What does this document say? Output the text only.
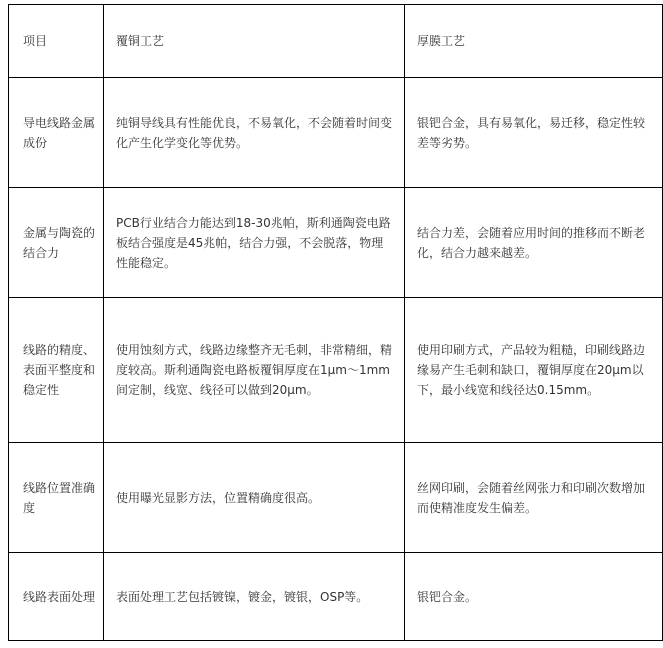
项目	覆铜工艺	厚膜工艺
导电线路金属成份	纯铜导线具有性能优良，不易氧化，不会随着时间变化产生化学变化等优势。	银钯合金，具有易氧化，易迁移，稳定性较差等劣势。
金属与陶瓷的结合力	PCB行业结合力能达到18-30兆帕，斯利通陶瓷电路板结合强度是45兆帕，结合力强，不会脱落，物理性能稳定。	结合力差，会随着应用时间的推移而不断老化，结合力越来越差。
线路的精度、表面平整度和稳定性	使用蚀刻方式，线路边缘整齐无毛刺，非常精细，精度较高。斯利通陶瓷电路板覆铜厚度在1μm～1mm间定制，线宽、线径可以做到20μm。	使用印刷方式，产品较为粗糙，印刷线路边缘易产生毛刺和缺口，覆铜厚度在20μm以下，最小线宽和线径达0.15mm。
线路位置准确度	使用曝光显影方法，位置精确度很高。	丝网印刷，会随着丝网张力和印刷次数增加而使精准度发生偏差。
线路表面处理	表面处理工艺包括镀镍，镀金，镀银，OSP等。	银钯合金。
